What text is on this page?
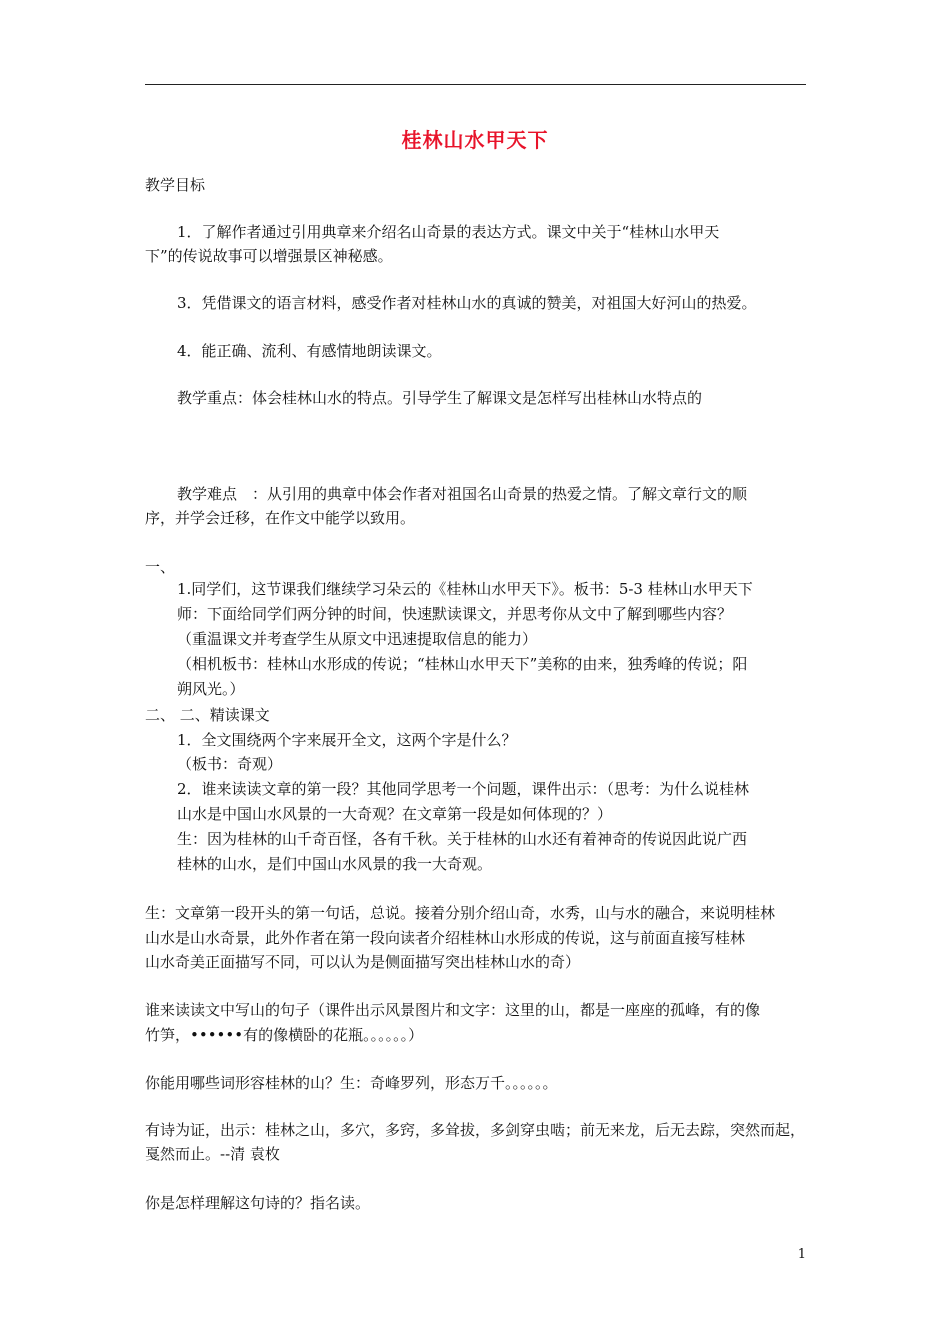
桂林山水甲天下
教学目标
1．了解作者通过引用典章来介绍名山奇景的表达方式。课文中关于“桂林山水甲天
下”的传说故事可以增强景区神秘感。
3．凭借课文的语言材料，感受作者对桂林山水的真诚的赞美，对祖国大好河山的热爱。
4．能正确、流利、有感情地朗读课文。
教学重点：体会桂林山水的特点。引导学生了解课文是怎样写出桂林山水特点的
教学难点　：从引用的典章中体会作者对祖国名山奇景的热爱之情。了解文章行文的顺
序，并学会迁移，在作文中能学以致用。
一、
1.同学们，这节课我们继续学习朵云的《桂林山水甲天下》。板书：5-3 桂林山水甲天下
师：下面给同学们两分钟的时间，快速默读课文，并思考你从文中了解到哪些内容？
（重温课文并考查学生从原文中迅速提取信息的能力）
（相机板书：桂林山水形成的传说；“桂林山水甲天下”美称的由来，独秀峰的传说；阳
朔风光。）
二、 二、精读课文
1．全文围绕两个字来展开全文，这两个字是什么？
（板书：奇观）
2．谁来读读文章的第一段？其他同学思考一个问题，课件出示：（思考：为什么说桂林
山水是中国山水风景的一大奇观？在文章第一段是如何体现的？）
生：因为桂林的山千奇百怪，各有千秋。关于桂林的山水还有着神奇的传说因此说广西
桂林的山水，是们中国山水风景的我一大奇观。
生：文章第一段开头的第一句话，总说。接着分别介绍山奇，水秀，山与水的融合，来说明桂林
山水是山水奇景，此外作者在第一段向读者介绍桂林山水形成的传说，这与前面直接写桂林
山水奇美正面描写不同，可以认为是侧面描写突出桂林山水的奇）
谁来读读文中写山的句子（课件出示风景图片和文字：这里的山，都是一座座的孤峰，有的像
竹笋，••••••有的像横卧的花瓶。。。。。。）
你能用哪些词形容桂林的山？生：奇峰罗列，形态万千。。。。。。
有诗为证，出示：桂林之山，多穴，多窍，多耸拔，多剑穿虫啮；前无来龙，后无去踪，突然而起，
戛然而止。--清 袁枚
你是怎样理解这句诗的？指名读。
1
